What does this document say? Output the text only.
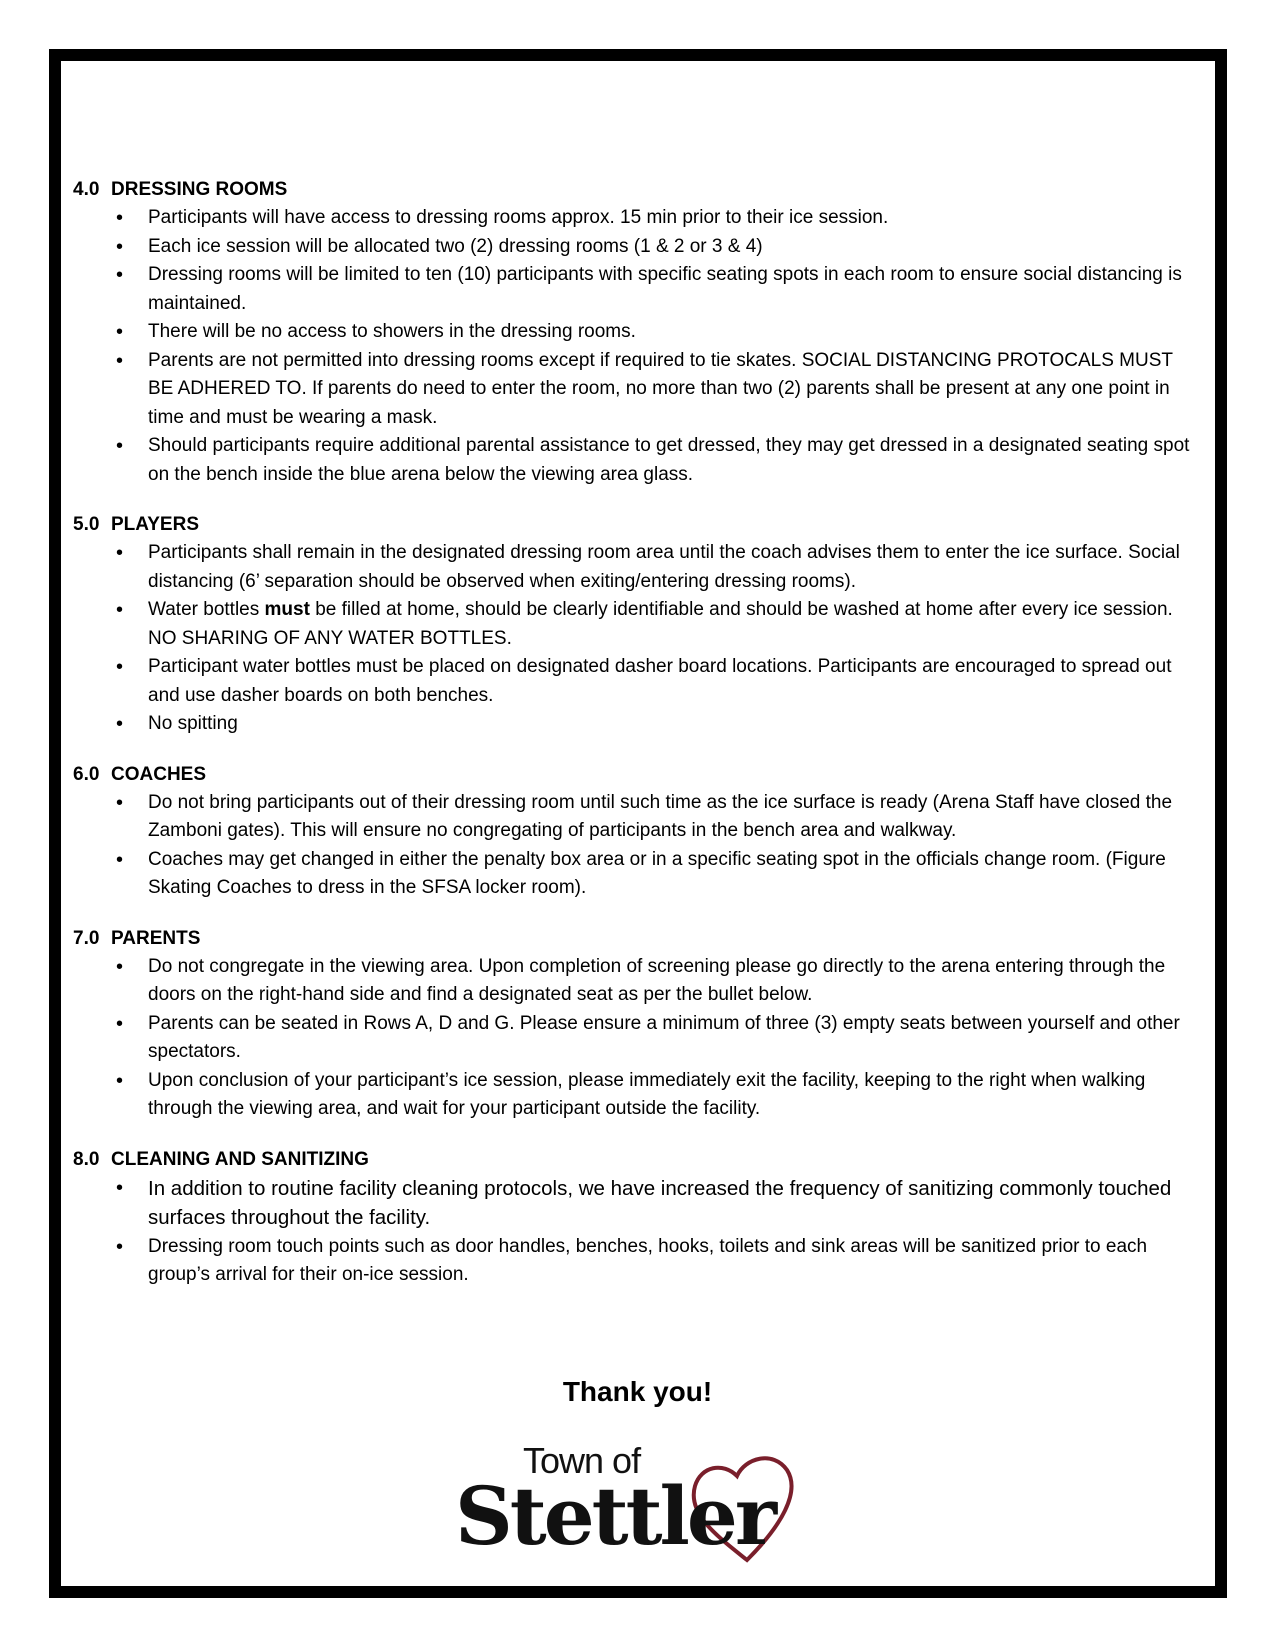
4.0 DRESSING ROOMS
• Participants will have access to dressing rooms approx. 15 min prior to their ice session.
• Each ice session will be allocated two (2) dressing rooms (1 & 2 or 3 & 4)
• Dressing rooms will be limited to ten (10) participants with specific seating spots in each room to ensure social distancing is maintained.
• There will be no access to showers in the dressing rooms.
• Parents are not permitted into dressing rooms except if required to tie skates. SOCIAL DISTANCING PROTOCALS MUST BE ADHERED TO. If parents do need to enter the room, no more than two (2) parents shall be present at any one point in time and must be wearing a mask.
• Should participants require additional parental assistance to get dressed, they may get dressed in a designated seating spot on the bench inside the blue arena below the viewing area glass.
5.0 PLAYERS
• Participants shall remain in the designated dressing room area until the coach advises them to enter the ice surface. Social distancing (6’ separation should be observed when exiting/entering dressing rooms).
• Water bottles must be filled at home, should be clearly identifiable and should be washed at home after every ice session. NO SHARING OF ANY WATER BOTTLES.
• Participant water bottles must be placed on designated dasher board locations. Participants are encouraged to spread out and use dasher boards on both benches.
• No spitting
6.0 COACHES
• Do not bring participants out of their dressing room until such time as the ice surface is ready (Arena Staff have closed the Zamboni gates). This will ensure no congregating of participants in the bench area and walkway.
• Coaches may get changed in either the penalty box area or in a specific seating spot in the officials change room. (Figure Skating Coaches to dress in the SFSA locker room).
7.0 PARENTS
• Do not congregate in the viewing area. Upon completion of screening please go directly to the arena entering through the doors on the right-hand side and find a designated seat as per the bullet below.
• Parents can be seated in Rows A, D and G. Please ensure a minimum of three (3) empty seats between yourself and other spectators.
• Upon conclusion of your participant’s ice session, please immediately exit the facility, keeping to the right when walking through the viewing area, and wait for your participant outside the facility.
8.0 CLEANING AND SANITIZING
• In addition to routine facility cleaning protocols, we have increased the frequency of sanitizing commonly touched surfaces throughout the facility.
• Dressing room touch points such as door handles, benches, hooks, toilets and sink areas will be sanitized prior to each group’s arrival for their on-ice session.
Thank you!
Town of
Stettler
